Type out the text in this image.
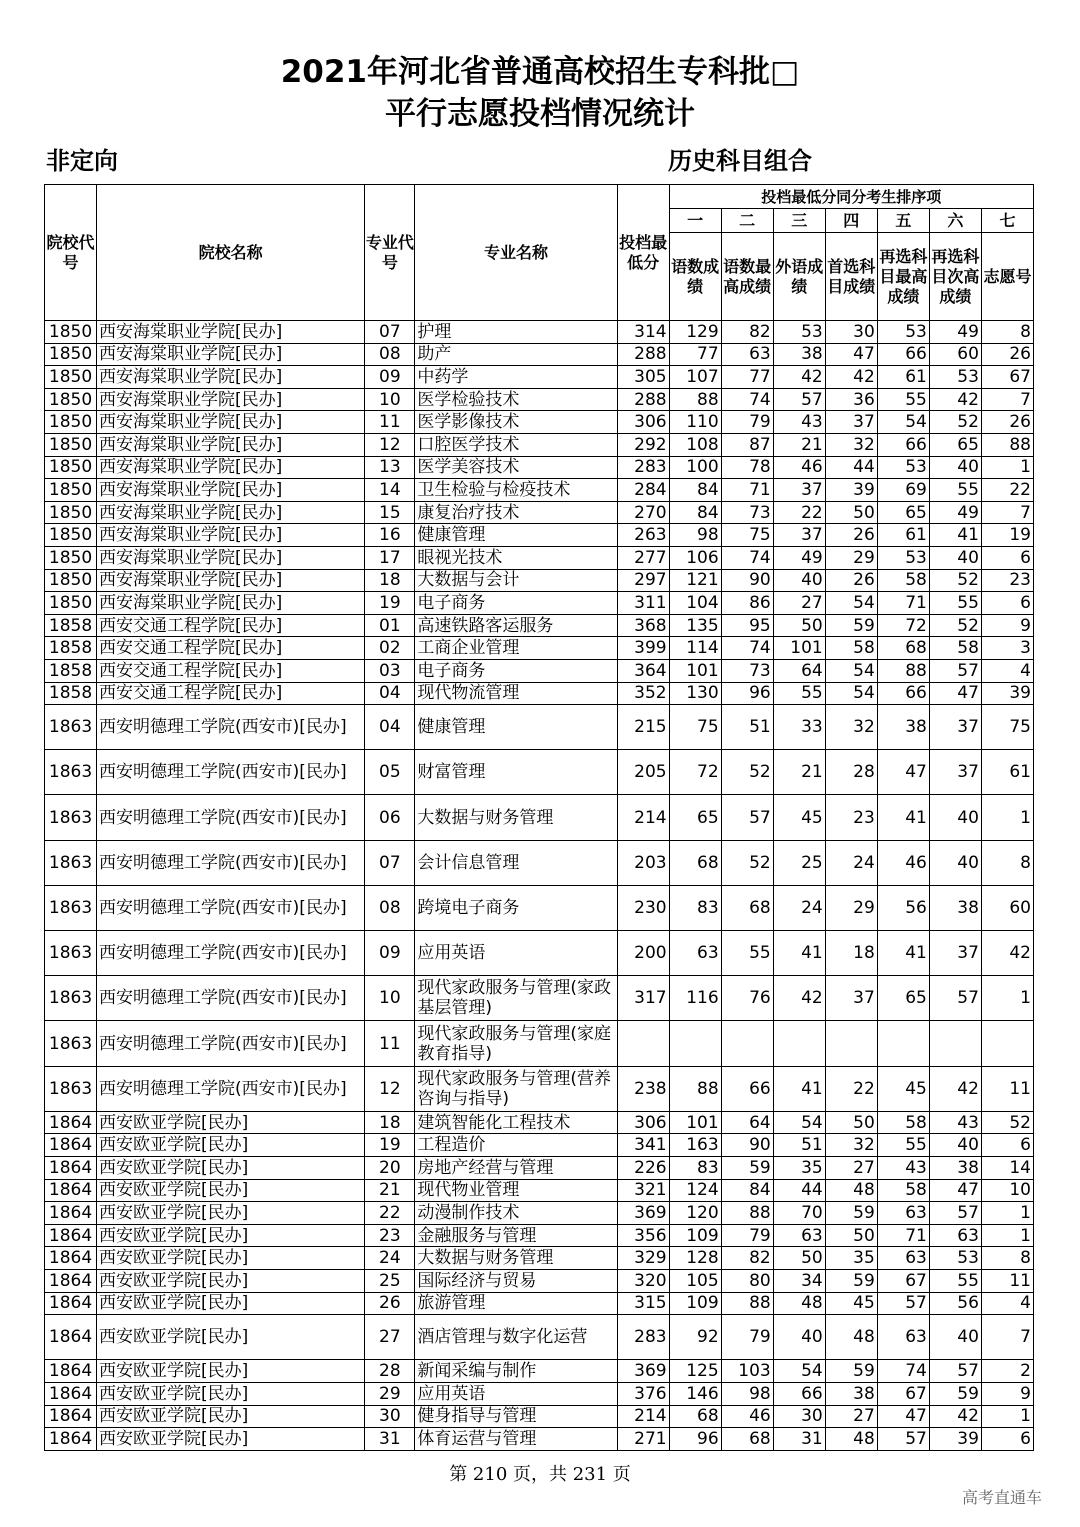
2021年河北省普通高校招生专科批□
平行志愿投档情况统计
非定向	历史科目组合
院校代号	院校名称	专业代号	专业名称	投档最低分	投档最低分同分考生排序项						
					一	二	三	四	五	六	七
					语数成绩	语数最高成绩	外语成绩	首选科目成绩	再选科目最高成绩	再选科目次高成绩	志愿号
1850	西安海棠职业学院[民办]	07	护理	314	129	82	53	30	53	49	8
1850	西安海棠职业学院[民办]	08	助产	288	77	63	38	47	66	60	26
1850	西安海棠职业学院[民办]	09	中药学	305	107	77	42	42	61	53	67
1850	西安海棠职业学院[民办]	10	医学检验技术	288	88	74	57	36	55	42	7
1850	西安海棠职业学院[民办]	11	医学影像技术	306	110	79	43	37	54	52	26
1850	西安海棠职业学院[民办]	12	口腔医学技术	292	108	87	21	32	66	65	88
1850	西安海棠职业学院[民办]	13	医学美容技术	283	100	78	46	44	53	40	1
1850	西安海棠职业学院[民办]	14	卫生检验与检疫技术	284	84	71	37	39	69	55	22
1850	西安海棠职业学院[民办]	15	康复治疗技术	270	84	73	22	50	65	49	7
1850	西安海棠职业学院[民办]	16	健康管理	263	98	75	37	26	61	41	19
1850	西安海棠职业学院[民办]	17	眼视光技术	277	106	74	49	29	53	40	6
1850	西安海棠职业学院[民办]	18	大数据与会计	297	121	90	40	26	58	52	23
1850	西安海棠职业学院[民办]	19	电子商务	311	104	86	27	54	71	55	6
1858	西安交通工程学院[民办]	01	高速铁路客运服务	368	135	95	50	59	72	52	9
1858	西安交通工程学院[民办]	02	工商企业管理	399	114	74	101	58	68	58	3
1858	西安交通工程学院[民办]	03	电子商务	364	101	73	64	54	88	57	4
1858	西安交通工程学院[民办]	04	现代物流管理	352	130	96	55	54	66	47	39
1863	西安明德理工学院(西安市)[民办]	04	健康管理	215	75	51	33	32	38	37	75
1863	西安明德理工学院(西安市)[民办]	05	财富管理	205	72	52	21	28	47	37	61
1863	西安明德理工学院(西安市)[民办]	06	大数据与财务管理	214	65	57	45	23	41	40	1
1863	西安明德理工学院(西安市)[民办]	07	会计信息管理	203	68	52	25	24	46	40	8
1863	西安明德理工学院(西安市)[民办]	08	跨境电子商务	230	83	68	24	29	56	38	60
1863	西安明德理工学院(西安市)[民办]	09	应用英语	200	63	55	41	18	41	37	42
1863	西安明德理工学院(西安市)[民办]	10	现代家政服务与管理(家政基层管理)	317	116	76	42	37	65	57	1
1863	西安明德理工学院(西安市)[民办]	11	现代家政服务与管理(家庭教育指导)								
1863	西安明德理工学院(西安市)[民办]	12	现代家政服务与管理(营养咨询与指导)	238	88	66	41	22	45	42	11
1864	西安欧亚学院[民办]	18	建筑智能化工程技术	306	101	64	54	50	58	43	52
1864	西安欧亚学院[民办]	19	工程造价	341	163	90	51	32	55	40	6
1864	西安欧亚学院[民办]	20	房地产经营与管理	226	83	59	35	27	43	38	14
1864	西安欧亚学院[民办]	21	现代物业管理	321	124	84	44	48	58	47	10
1864	西安欧亚学院[民办]	22	动漫制作技术	369	120	88	70	59	63	57	1
1864	西安欧亚学院[民办]	23	金融服务与管理	356	109	79	63	50	71	63	1
1864	西安欧亚学院[民办]	24	大数据与财务管理	329	128	82	50	35	63	53	8
1864	西安欧亚学院[民办]	25	国际经济与贸易	320	105	80	34	59	67	55	11
1864	西安欧亚学院[民办]	26	旅游管理	315	109	88	48	45	57	56	4
1864	西安欧亚学院[民办]	27	酒店管理与数字化运营	283	92	79	40	48	63	40	7
1864	西安欧亚学院[民办]	28	新闻采编与制作	369	125	103	54	59	74	57	2
1864	西安欧亚学院[民办]	29	应用英语	376	146	98	66	38	67	59	9
1864	西安欧亚学院[民办]	30	健身指导与管理	214	68	46	30	27	47	42	1
1864	西安欧亚学院[民办]	31	体育运营与管理	271	96	68	31	48	57	39	6
第 210 页，共 231 页
高考直通车
